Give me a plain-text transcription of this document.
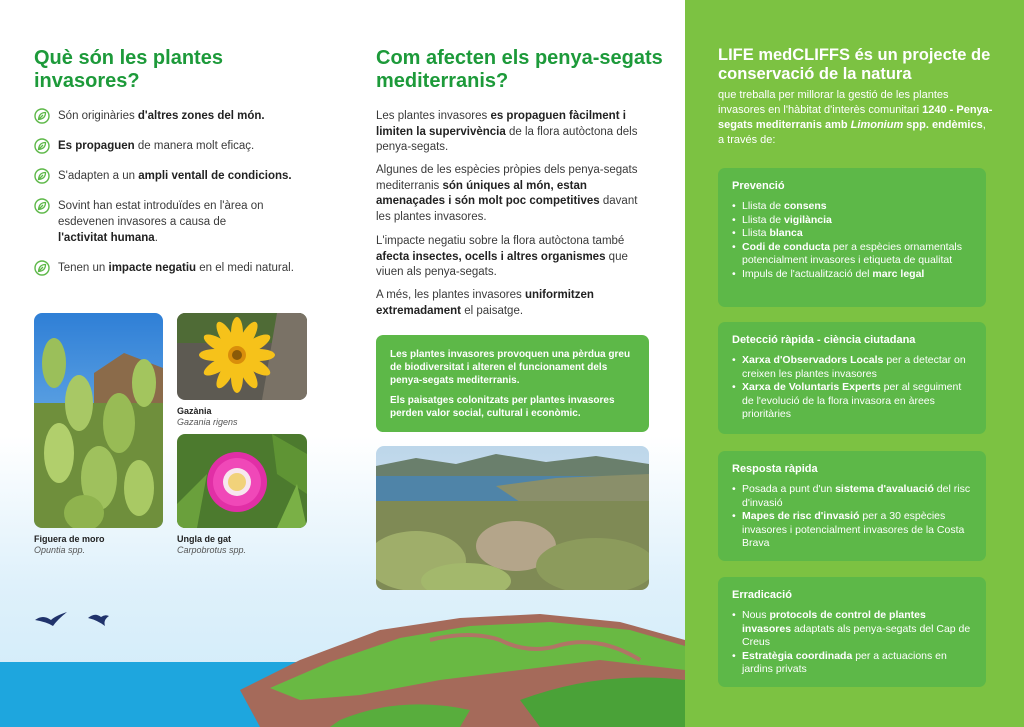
Què són les plantes invasores?
Són originàries d'altres zones del món.
Es propaguen de manera molt eficaç.
S'adapten a un ampli ventall de condicions.
Sovint han estat introduïdes en l'àrea on esdevenen invasores a causa de l'activitat humana.
Tenen un impacte negatiu en el medi natural.
Figuera de moro
Opuntia spp.
Gazània
Gazania rigens
Ungla de gat
Carpobrotus spp.
Com afecten els penya-segats mediterranis?
Les plantes invasores es propaguen fàcilment i limiten la supervivència de la flora autòctona dels penya-segats.
Algunes de les espècies pròpies dels penya-segats mediterranis són úniques al món, estan amenaçades i són molt poc competitives davant les plantes invasores.
L'impacte negatiu sobre la flora autòctona també afecta insectes, ocells i altres organismes que viuen als penya-segats.
A més, les plantes invasores uniformitzen extremadament el paisatge.

Les plantes invasores provoquen una pèrdua greu de biodiversitat i alteren el funcionament dels penya-segats mediterranis.

Els paisatges colonitzats per plantes invasores perden valor social, cultural i econòmic.

LIFE medCLIFFS és un projecte de conservació de la natura
que treballa per millorar la gestió de les plantes invasores en l'hàbitat d'interès comunitari 1240 - Penya-segats mediterranis amb Limonium spp. endèmics, a través de:
Prevenció
• Llista de consens
• Llista de vigilància
• Llista blanca
• Codi de conducta per a espècies ornamentals potencialment invasores i etiqueta de qualitat
• Impuls de l'actualització del marc legal
Detecció ràpida - ciència ciutadana
• Xarxa d'Observadors Locals per a detectar on creixen les plantes invasores
• Xarxa de Voluntaris Experts per al seguiment de l'evolució de la flora invasora en àrees prioritàries
Resposta ràpida
• Posada a punt d'un sistema d'avaluació del risc d'invasió
• Mapes de risc d'invasió per a 30 espècies invasores i potencialment invasores de la Costa Brava
Erradicació
• Nous protocols de control de plantes invasores adaptats als penya-segats del Cap de Creus
• Estratègia coordinada per a actuacions en jardins privats
